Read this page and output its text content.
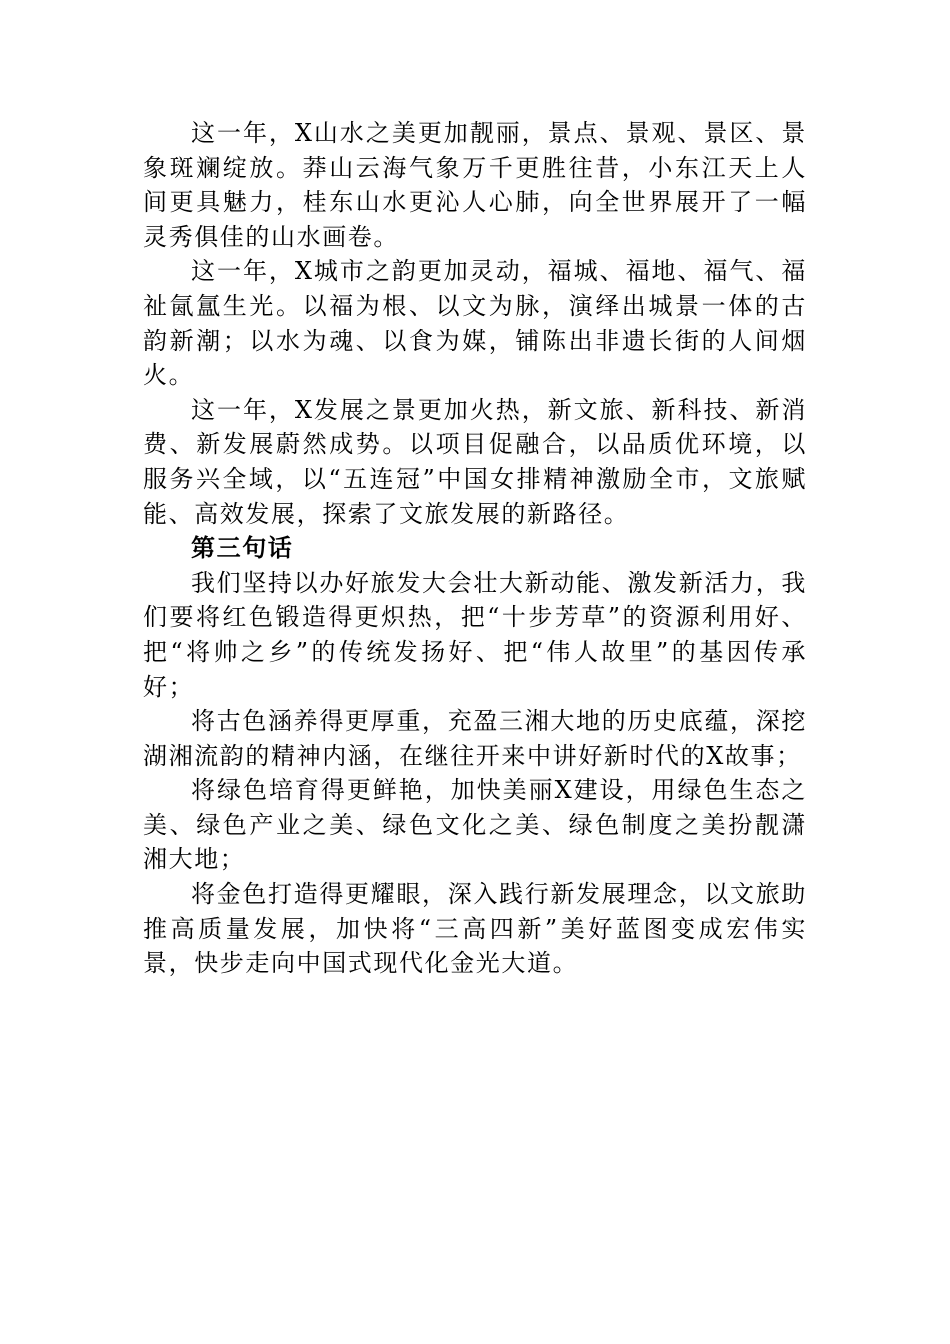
这一年，X山水之美更加靓丽，景点、景观、景区、景象斑斓绽放。莽山云海气象万千更胜往昔，小东江天上人间更具魅力，桂东山水更沁人心肺，向全世界展开了一幅灵秀俱佳的山水画卷。

这一年，X城市之韵更加灵动，福城、福地、福气、福祉氤氲生光。以福为根、以文为脉，演绎出城景一体的古韵新潮；以水为魂、以食为媒，铺陈出非遗长街的人间烟火。

这一年，X发展之景更加火热，新文旅、新科技、新消费、新发展蔚然成势。以项目促融合，以品质优环境，以服务兴全域，以“五连冠”中国女排精神激励全市，文旅赋能、高效发展，探索了文旅发展的新路径。

第三句话

我们坚持以办好旅发大会壮大新动能、激发新活力，我们要将红色锻造得更炽热，把“十步芳草”的资源利用好、把“将帅之乡”的传统发扬好、把“伟人故里”的基因传承好；

将古色涵养得更厚重，充盈三湘大地的历史底蕴，深挖湖湘流韵的精神内涵，在继往开来中讲好新时代的X故事；

将绿色培育得更鲜艳，加快美丽X建设，用绿色生态之美、绿色产业之美、绿色文化之美、绿色制度之美扮靓潇湘大地；

将金色打造得更耀眼，深入践行新发展理念，以文旅助推高质量发展，加快将“三高四新”美好蓝图变成宏伟实景，快步走向中国式现代化金光大道。
